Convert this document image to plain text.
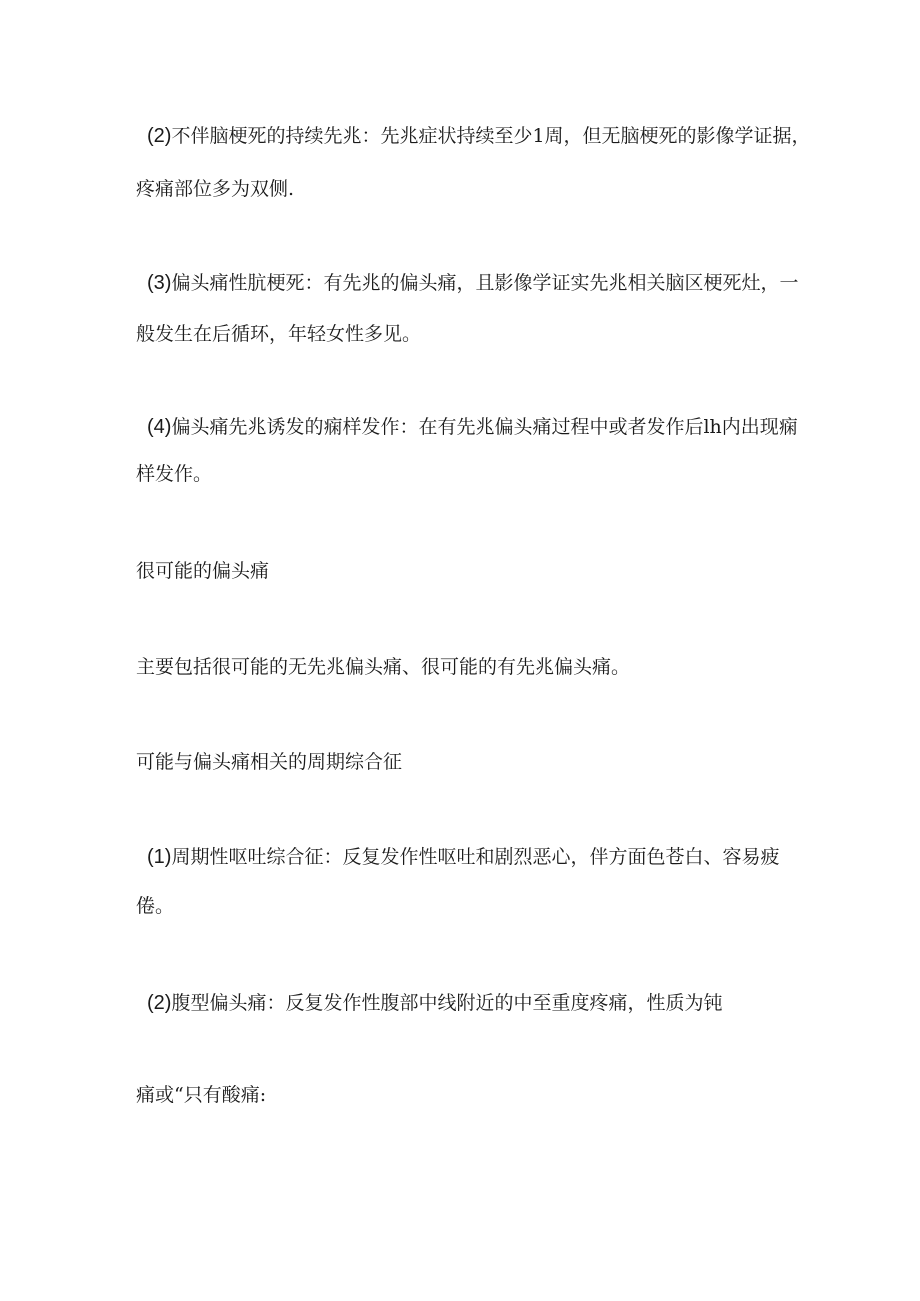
(2)不伴脑梗死的持续先兆：先兆症状持续至少1周，但无脑梗死的影像学证据，

疼痛部位多为双侧.

(3)偏头痛性肮梗死：有先兆的偏头痛，且影像学证实先兆相关脑区梗死灶，一

般发生在后循环，年轻女性多见。

(4)偏头痛先兆诱发的痫样发作：在有先兆偏头痛过程中或者发作后lh内出现痫

样发作。

很可能的偏头痛

主要包括很可能的无先兆偏头痛、很可能的有先兆偏头痛。

可能与偏头痛相关的周期综合征

(1)周期性呕吐综合征：反复发作性呕吐和剧烈恶心，伴方面色苍白、容易疲

倦。

(2)腹型偏头痛：反复发作性腹部中线附近的中至重度疼痛，性质为钝

痛或“只有酸痛:
